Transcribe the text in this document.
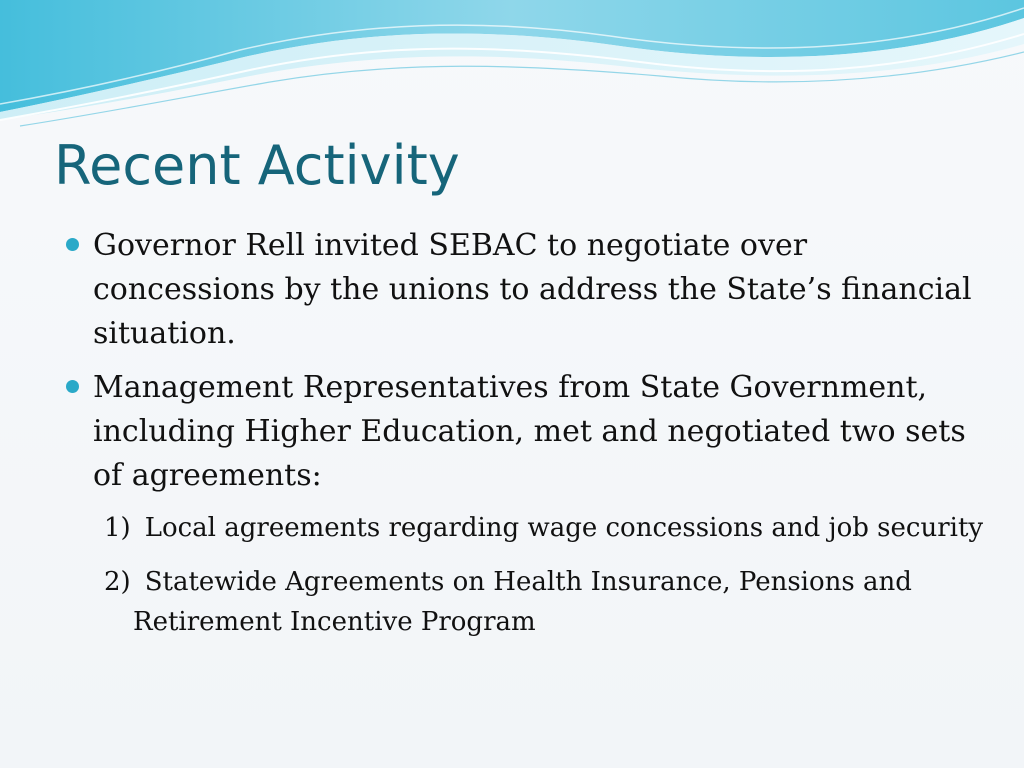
Recent Activity
Governor Rell invited SEBAC to negotiate over concessions by the unions to address the State’s financial situation.
Management Representatives from State Government, including Higher Education, met and negotiated two sets of agreements:
1) Local agreements regarding wage concessions and job security
2) Statewide Agreements on Health Insurance, Pensions and Retirement Incentive Program
